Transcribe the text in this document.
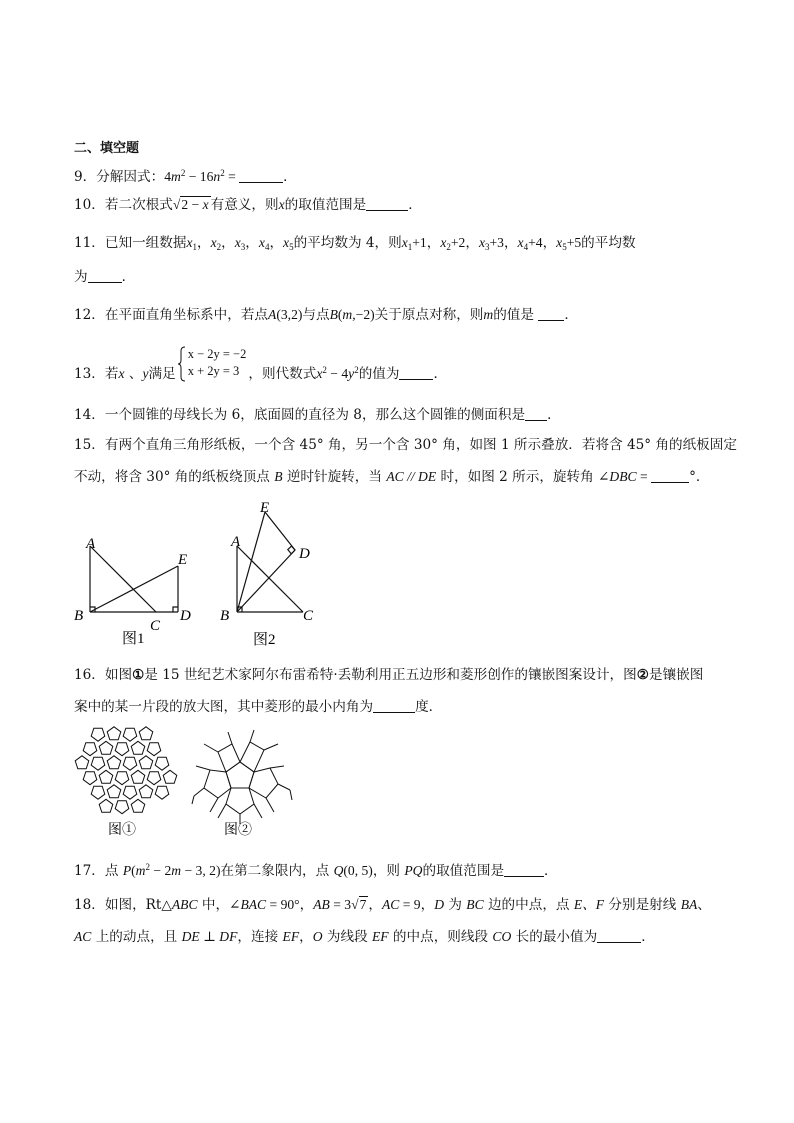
二、填空题
9．分解因式：$4m^2 - 16n^2$ =	．
10．若二次根式√2 − x 有意义，则x的取值范围是	．
11．已知一组数据$x_1$，$x_2$，$x_3$，$x_4$，$x_5$的平均数为 4，则$x_1+1$，$x_2+2$，$x_3+3$，$x_4+4$，$x_5+5$的平均数
为	．
12．在平面直角坐标系中，若点A(3,2)与点B(m,−2)关于原点对称，则m的值是 ．
13．若x 、y满足
x − 2y = −2
x + 2y = 3 ，则代数式$x^2 - 4y^2$的值为	．
14．一个圆锥的母线长为 6，底面圆的直径为 8，那么这个圆锥的侧面积是 ．
15．有两个直角三角形纸板，一个含 45° 角，另一个含 30° 角，如图 1 所示叠放．若将含 45° 角的纸板固定
不动，将含 30° 角的纸板绕顶点 B 逆时针旋转，当 AC // DE 时，如图 2 所示，旋转角 ∠DBC =	°．
A
E
B
C
D
图1
E
A
D
B	C
图2
16．如图①是 15 世纪艺术家阿尔布雷希特·丢勒利用正五边形和菱形创作的镶嵌图案设计，图②是镶嵌图
案中的某一片段的放大图，其中菱形的最小内角为	度．
图①	图②
17．点 $P(m^2 - 2m - 3$, 2)在第二象限内，点 Q(0, 5)，则 PQ的取值范围是	．
18．如图，Rt△ABC 中，∠BAC = 90°，AB = 3√7 ，AC = 9，D 为 BC 边的中点，点 E、F 分别是射线 BA、
AC 上的动点，且 DE ⊥ DF，连接 EF，O 为线段 EF 的中点，则线段 CO 长的最小值为	．
